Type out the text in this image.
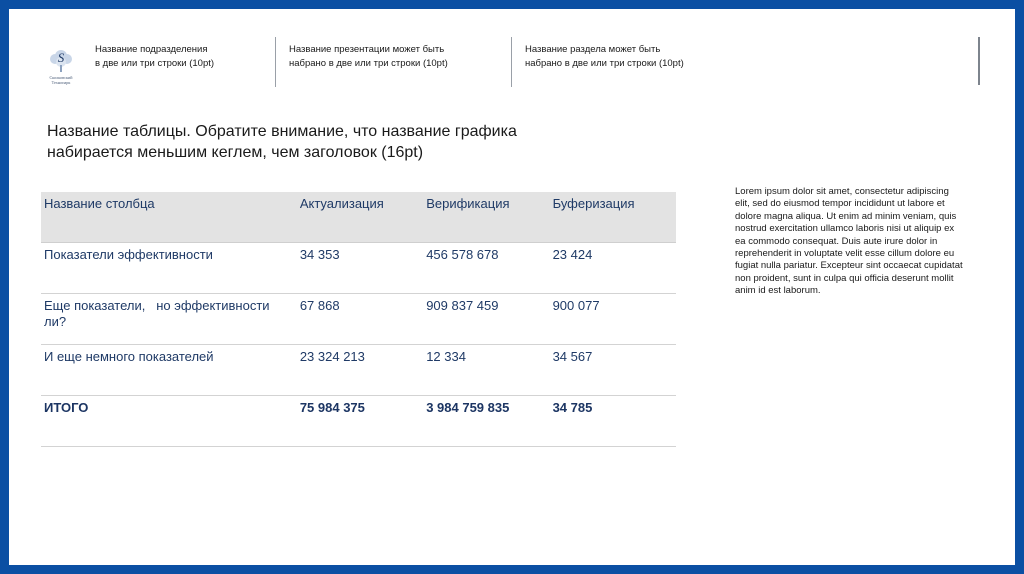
S
Сколковский
Технопарк
Название подразделения
в две или три строки (10pt)
Название презентации может быть
набрано в две или три строки (10pt)
Название раздела может быть
набрано в две или три строки (10pt)
Название таблицы. Обратите внимание, что название графика набирается меньшим кеглем, чем заголовок (16pt)
Название столбца	Актуализация	Верификация	Буферизация
Показатели эффективности	34 353	456 578 678	23 424
Еще показатели,   но эффективности ли?	67 868	909 837 459	900 077
И еще немного показателей	23 324 213	12 334	34 567
ИТОГО	75 984 375	3 984 759 835	34 785
Lorem ipsum dolor sit amet, consectetur adipiscing elit, sed do eiusmod tempor incididunt ut labore et dolore magna aliqua. Ut enim ad minim veniam, quis nostrud exercitation ullamco laboris nisi ut aliquip ex ea commodo consequat. Duis aute irure dolor in reprehenderit in voluptate velit esse cillum dolore eu fugiat nulla pariatur. Excepteur sint occaecat cupidatat non proident, sunt in culpa qui officia deserunt mollit anim id est laborum.
